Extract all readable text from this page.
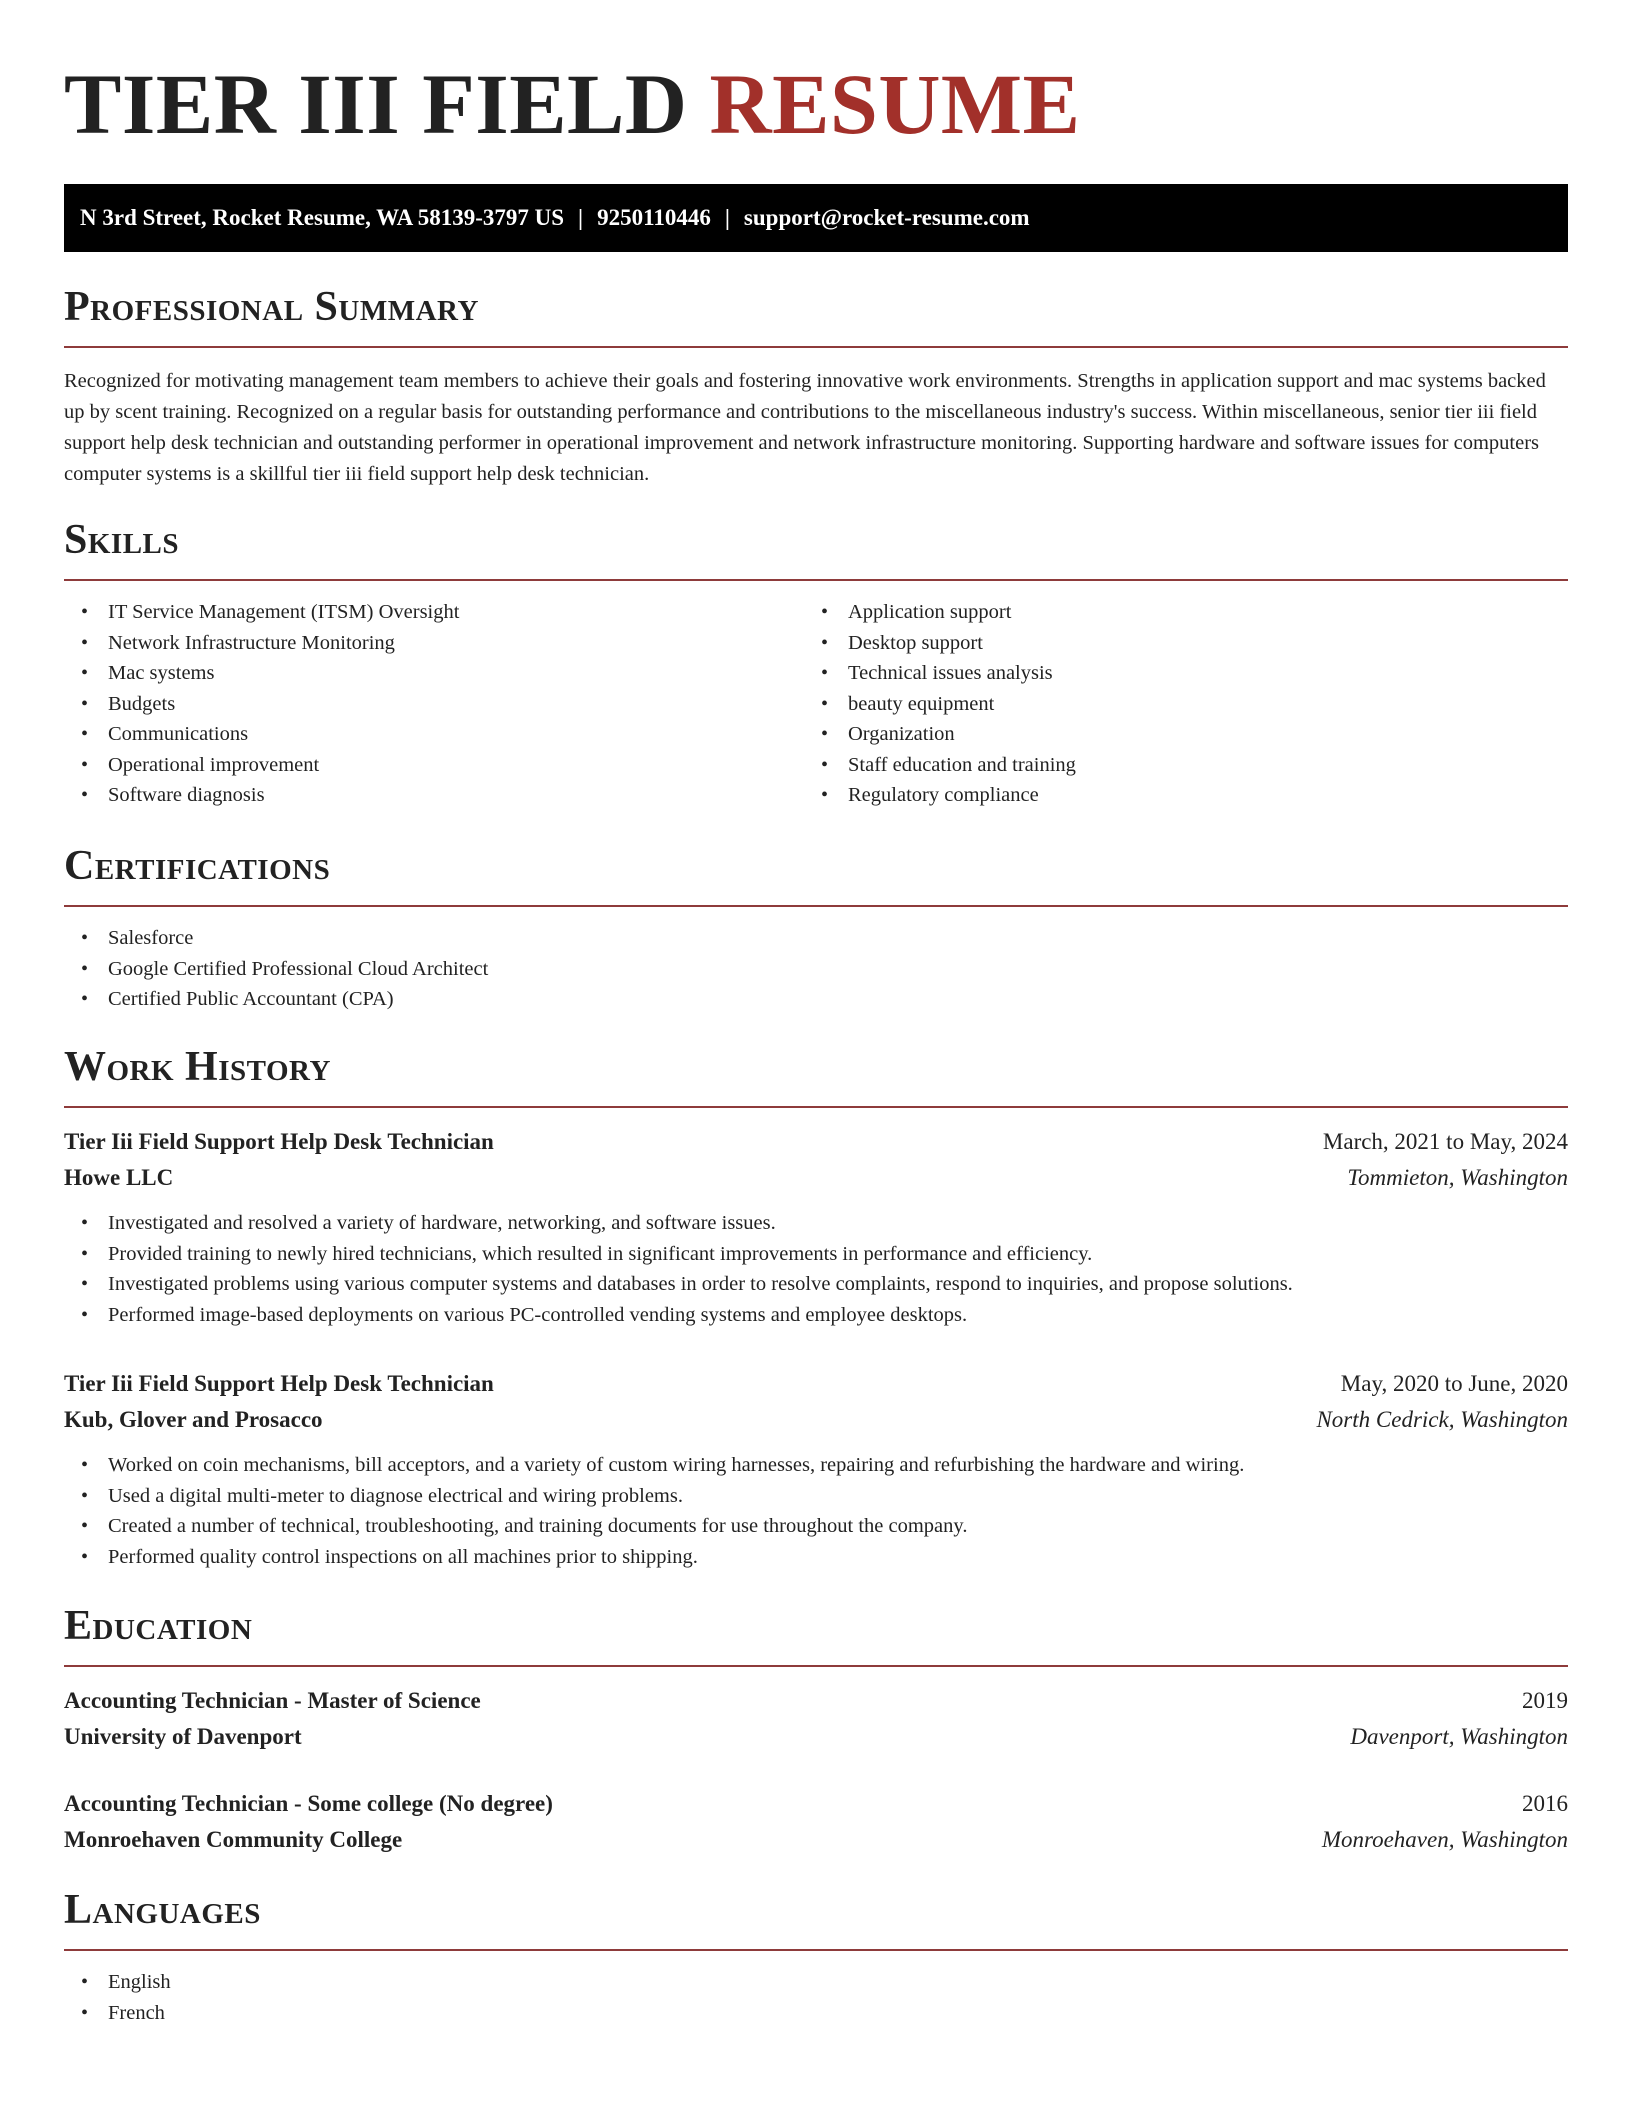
TIER III FIELD RESUME
N 3rd Street, Rocket Resume, WA 58139-3797 US | 9250110446 | support@rocket-resume.com
Professional Summary

Recognized for motivating management team members to achieve their goals and fostering innovative work environments. Strengths in application support and mac systems backed up by scent training. Recognized on a regular basis for outstanding performance and contributions to the miscellaneous industry's success. Within miscellaneous, senior tier iii field support help desk technician and outstanding performer in operational improvement and network infrastructure monitoring. Supporting hardware and software issues for computers computer systems is a skillful tier iii field support help desk technician.

Skills
• IT Service Management (ITSM) Oversight
• Network Infrastructure Monitoring
• Mac systems
• Budgets
• Communications
• Operational improvement
• Software diagnosis
• Application support
• Desktop support
• Technical issues analysis
• beauty equipment
• Organization
• Staff education and training
• Regulatory compliance
Certifications
• Salesforce
• Google Certified Professional Cloud Architect
• Certified Public Accountant (CPA)
Work History
Tier Iii Field Support Help Desk Technician	March, 2021 to May, 2024
Howe LLC	Tommieton, Washington
• Investigated and resolved a variety of hardware, networking, and software issues.
• Provided training to newly hired technicians, which resulted in significant improvements in performance and efficiency.
• Investigated problems using various computer systems and databases in order to resolve complaints, respond to inquiries, and propose solutions.
• Performed image-based deployments on various PC-controlled vending systems and employee desktops.
Tier Iii Field Support Help Desk Technician	May, 2020 to June, 2020
Kub, Glover and Prosacco	North Cedrick, Washington
• Worked on coin mechanisms, bill acceptors, and a variety of custom wiring harnesses, repairing and refurbishing the hardware and wiring.
• Used a digital multi-meter to diagnose electrical and wiring problems.
• Created a number of technical, troubleshooting, and training documents for use throughout the company.
• Performed quality control inspections on all machines prior to shipping.
Education
Accounting Technician - Master of Science	2019
University of Davenport	Davenport, Washington
Accounting Technician - Some college (No degree)	2016
Monroehaven Community College	Monroehaven, Washington
Languages
• English
• French
